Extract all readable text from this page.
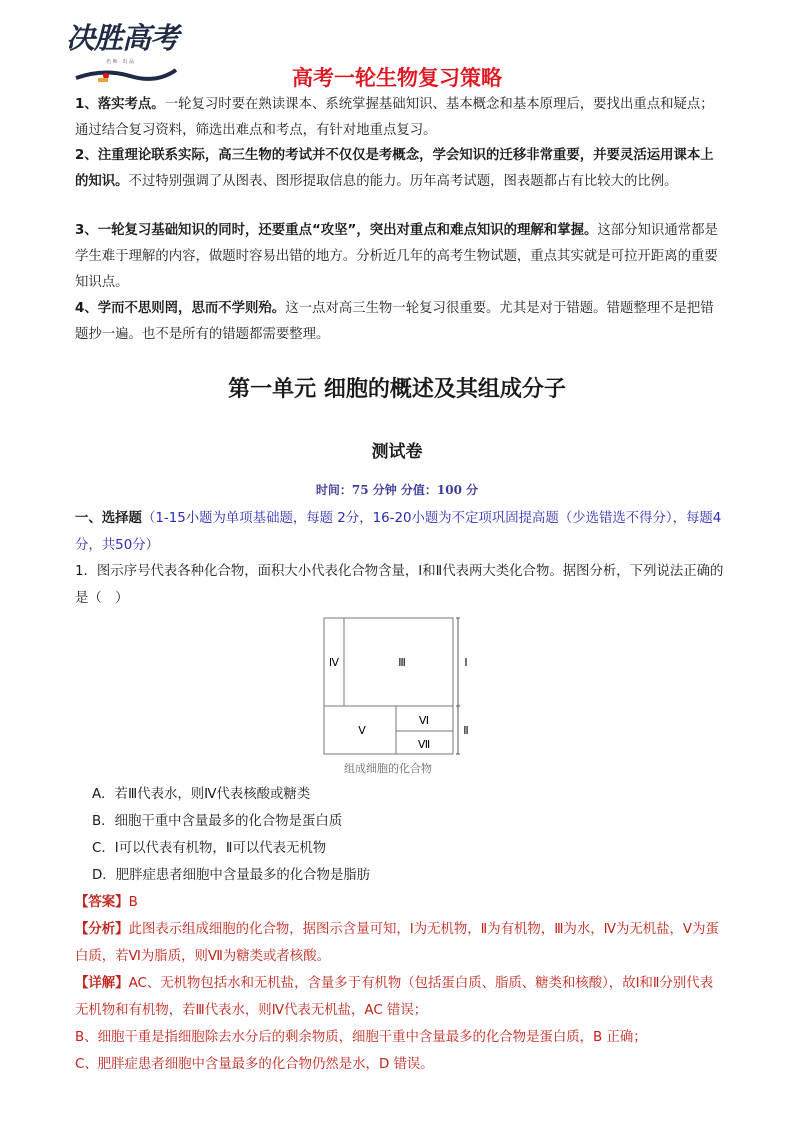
决胜高考
名 师 · 出 品
高考一轮生物复习策略

1、落实考点。一轮复习时要在熟读课本、系统掌握基础知识、基本概念和基本原理后，要找出重点和疑点；通过结合复习资料，筛选出难点和考点，有针对地重点复习。

2、注重理论联系实际，高三生物的考试并不仅仅是考概念，学会知识的迁移非常重要，并要灵活运用课本上的知识。不过特别强调了从图表、图形提取信息的能力。历年高考试题，图表题都占有比较大的比例。

3、一轮复习基础知识的同时，还要重点“攻坚”，突出对重点和难点知识的理解和掌握。这部分知识通常都是学生难于理解的内容，做题时容易出错的地方。分析近几年的高考生物试题，重点其实就是可拉开距离的重要知识点。

4、学而不思则罔，思而不学则殆。这一点对高三生物一轮复习很重要。尤其是对于错题。错题整理不是把错题抄一遍。也不是所有的错题都需要整理。

第一单元 细胞的概述及其组成分子
测试卷
时间：75 分钟 分值：100 分

一、选择题（1-15小题为单项基础题，每题 2分，16-20小题为不定项巩固提高题（少选错选不得分），每题4分，共50分）

1．图示序号代表各种化合物，面积大小代表化合物含量，Ⅰ和Ⅱ代表两大类化合物。据图分析，下列说法正确的是（　）

Ⅳ	Ⅲ
Ⅴ
Ⅵ
Ⅶ
Ⅰ
Ⅱ
组成细胞的化合物
A．若Ⅲ代表水，则Ⅳ代表核酸或糖类
B．细胞干重中含量最多的化合物是蛋白质
C．Ⅰ可以代表有机物，Ⅱ可以代表无机物
D．肥胖症患者细胞中含量最多的化合物是脂肪

【答案】B

【分析】此图表示组成细胞的化合物，据图示含量可知，Ⅰ为无机物，Ⅱ为有机物，Ⅲ为水，Ⅳ为无机盐，Ⅴ为蛋白质，若Ⅵ为脂质，则Ⅶ为糖类或者核酸。

【详解】AC、无机物包括水和无机盐，含量多于有机物（包括蛋白质、脂质、糖类和核酸），故Ⅰ和Ⅱ分别代表无机物和有机物，若Ⅲ代表水，则Ⅳ代表无机盐，AC 错误；

B、细胞干重是指细胞除去水分后的剩余物质，细胞干重中含量最多的化合物是蛋白质，B 正确；

C、肥胖症患者细胞中含量最多的化合物仍然是水，D 错误。
